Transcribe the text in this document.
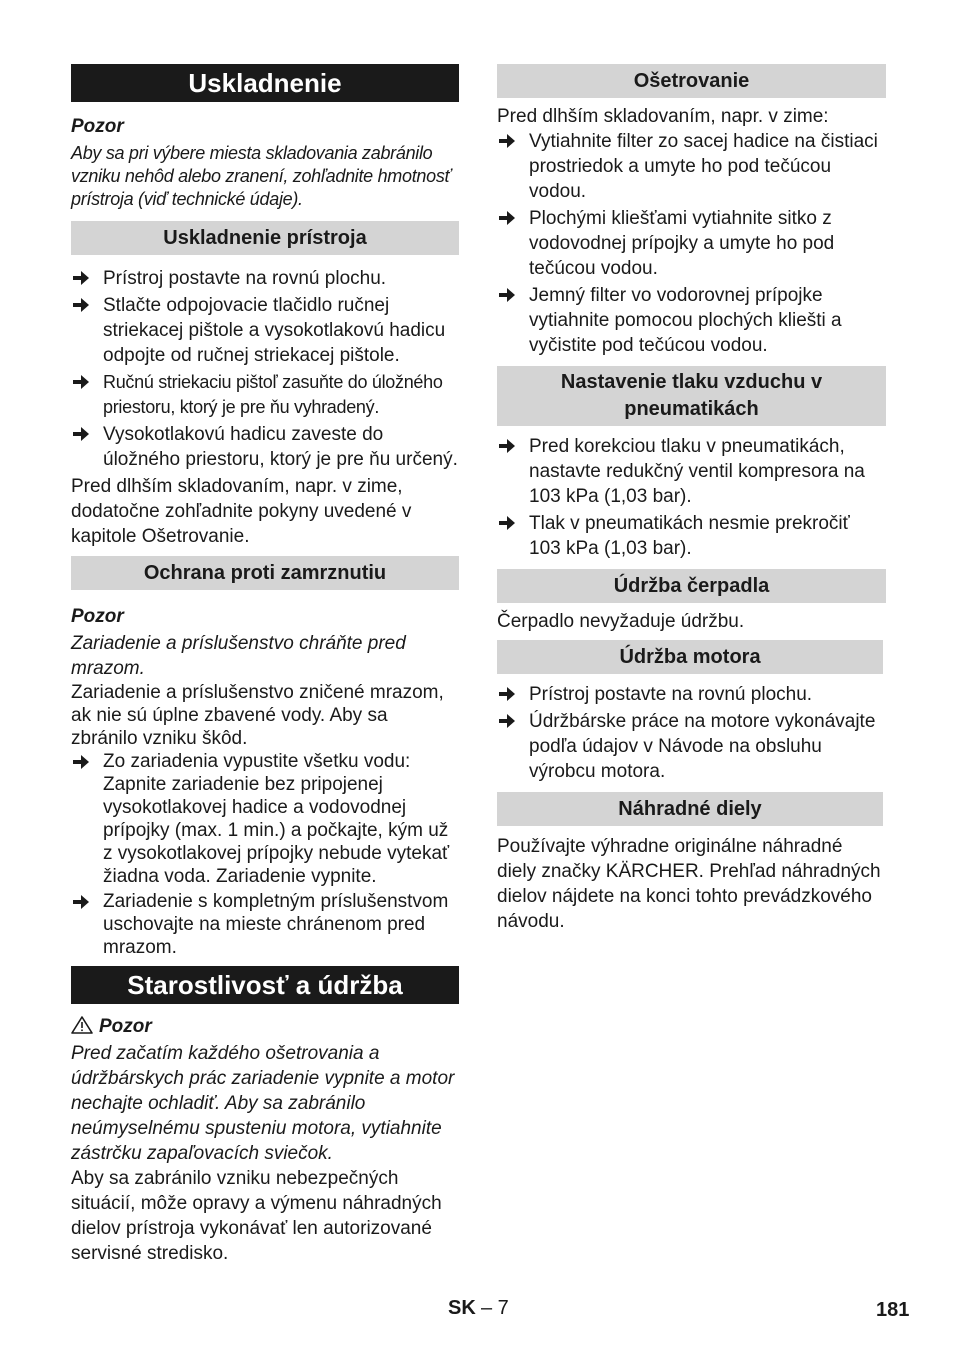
Uskladnenie

Pozor

Aby sa pri výbere miesta skladovania zabránilo vzniku nehôd alebo zranení, zohľadnite hmotnosť prístroja (viď technické údaje).

Uskladnenie prístroja
Prístroj postavte na rovnú plochu.
Stlačte odpojovacie tlačidlo ručnej striekacej pištole a vysokotlakovú hadicu odpojte od ručnej striekacej pištole.
Ručnú striekaciu pištoľ zasuňte do úložného priestoru, ktorý je pre ňu vyhradený.
Vysokotlakovú hadicu zaveste do úložného priestoru, ktorý je pre ňu určený.

Pred dlhším skladovaním, napr. v zime, dodatočne zohľadnite pokyny uvedené v kapitole Ošetrovanie.

Ochrana proti zamrznutiu

Pozor

Zariadenie a príslušenstvo chráňte pred mrazom.

Zariadenie a príslušenstvo zničené mrazom, ak nie sú úplne zbavené vody. Aby sa zbránilo vzniku škôd.

Zo zariadenia vypustite všetku vodu: Zapnite zariadenie bez pripojenej vysokotlakovej hadice a vodovodnej prípojky (max. 1 min.) a počkajte, kým už z vysokotlakovej prípojky nebude vytekať žiadna voda. Zariadenie vypnite.
Zariadenie s kompletným príslušenstvom uschovajte na mieste chránenom pred mrazom.
Starostlivosť a údržba

Pozor

Pred začatím každého ošetrovania a údržbárskych prác zariadenie vypnite a motor nechajte ochladiť. Aby sa zabránilo neúmyselnému spusteniu motora, vytiahnite zástrčku zapaľovacích sviečok.

Aby sa zabránilo vzniku nebezpečných situácií, môže opravy a výmenu náhradných dielov prístroja vykonávať len autorizované servisné stredisko.

Ošetrovanie

Pred dlhším skladovaním, napr. v zime:

Vytiahnite filter zo sacej hadice na čistiaci prostriedok a umyte ho pod tečúcou vodou.
Plochými kliešťami vytiahnite sitko z vodovodnej prípojky a umyte ho pod tečúcou vodou.
Jemný filter vo vodorovnej prípojke vytiahnite pomocou plochých kliešti a vyčistite pod tečúcou vodou.
Nastavenie tlaku vzduchu v pneumatikách
Pred korekciou tlaku v pneumatikách, nastavte redukčný ventil kompresora na 103 kPa (1,03 bar).
Tlak v pneumatikách nesmie prekročiť 103 kPa (1,03 bar).
Údržba čerpadla

Čerpadlo nevyžaduje údržbu.

Údržba motora
Prístroj postavte na rovnú plochu.
Údržbárske práce na motore vykonávajte podľa údajov v Návode na obsluhu výrobcu motora.
Náhradné diely

Používajte výhradne originálne náhradné diely značky KÄRCHER. Prehľad náhradných dielov nájdete na konci tohto prevádzkového návodu.

SK – 7	181
